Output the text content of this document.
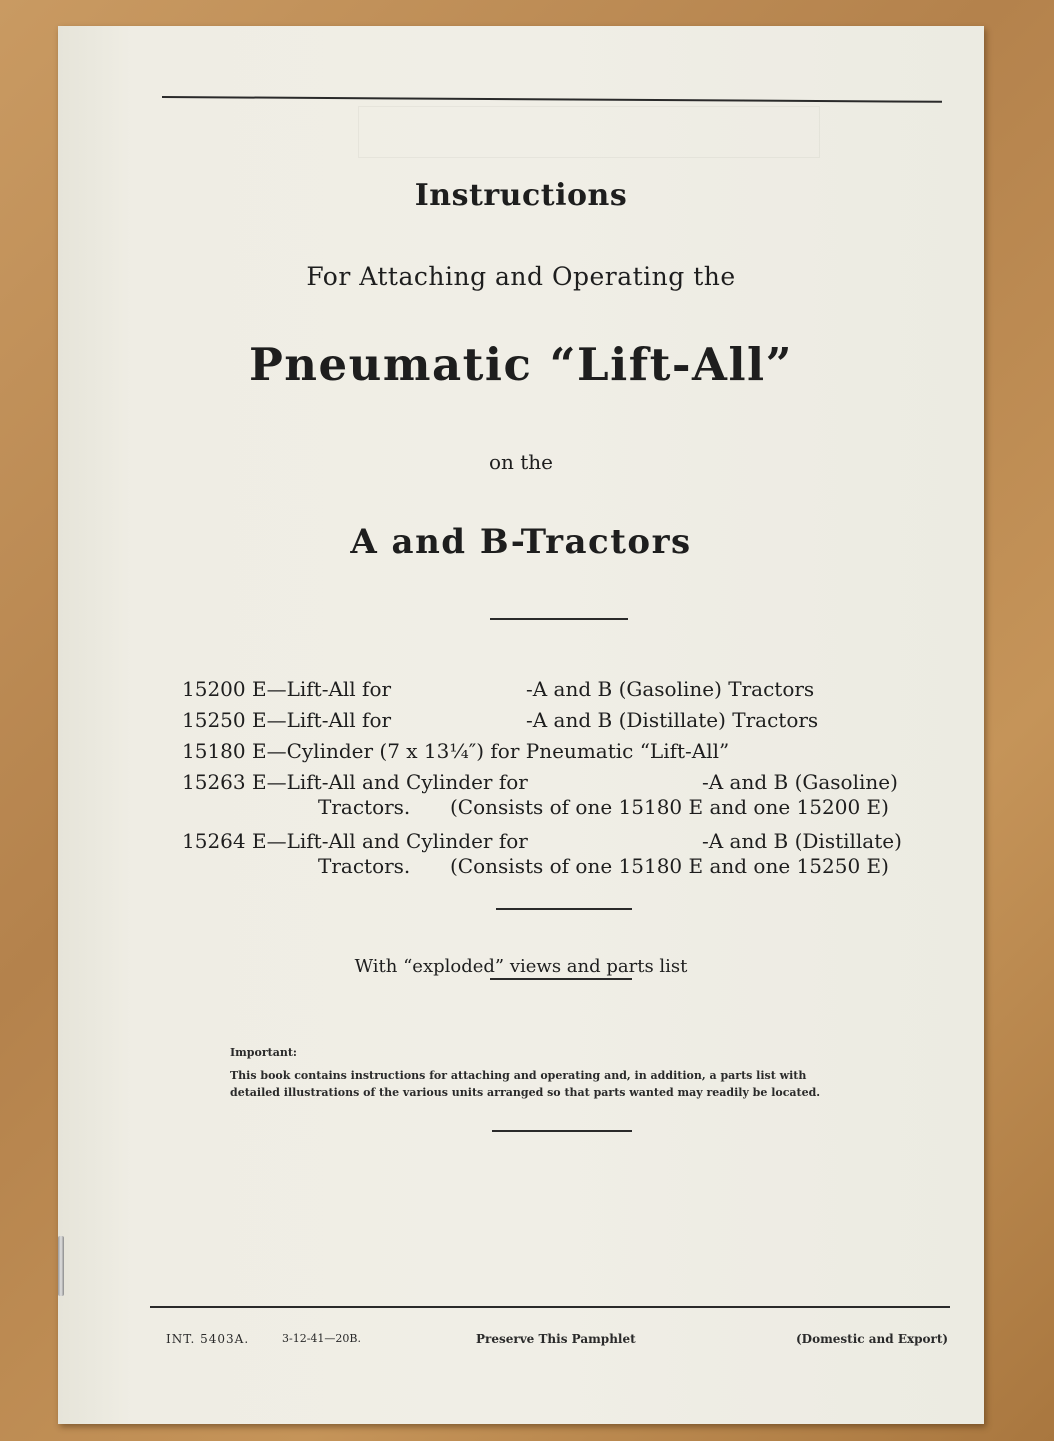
Instructions
For Attaching and Operating the
Pneumatic “Lift-All”
on the
A and B-Tractors
15200 E—Lift-All for	-A and B (Gasoline) Tractors
15250 E—Lift-All for	-A and B (Distillate) Tractors
15180 E—Cylinder (7 x 13¼″) for Pneumatic “Lift-All”
15263 E—Lift-All and Cylinder for	-A and B (Gasoline)
Tractors. (Consists of one 15180 E and one 15200 E)
15264 E—Lift-All and Cylinder for	-A and B (Distillate)
Tractors. (Consists of one 15180 E and one 15250 E)
With “exploded” views and parts list
Important:
This book contains instructions for attaching and operating and, in addition, a parts list with
detailed illustrations of the various units arranged so that parts wanted may readily be located.
INT. 5403A.	3-12-41—20B.	Preserve This Pamphlet	(Domestic and Export)
